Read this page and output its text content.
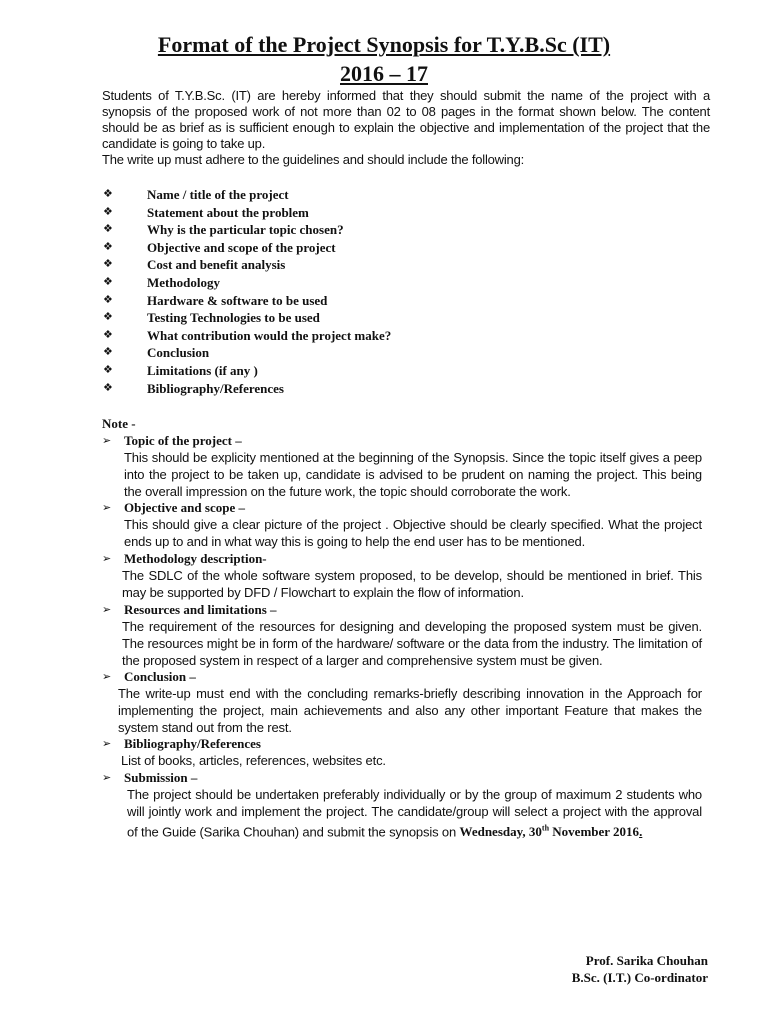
Format of the Project Synopsis for T.Y.B.Sc (IT)
2016 – 17

Students of T.Y.B.Sc. (IT) are hereby informed that they should submit the name of the project with a synopsis of the proposed work of not more than 02 to 08 pages in the format shown below. The content should be as brief as is sufficient enough to explain the objective and implementation of the project that the candidate is going to take up.

The write up must adhere to the guidelines and should include the following:

❖	Name / title of the project
❖	Statement about the problem
❖	Why is the particular topic chosen?
❖	Objective and scope of the project
❖	Cost and benefit analysis
❖	Methodology
❖	Hardware & software to be used
❖	Testing Technologies to be used
❖	What contribution would the project make?
❖	Conclusion
❖	Limitations (if any )
❖	Bibliography/References
Note -
➢ Topic of the project –
This should be explicity mentioned at the beginning of the Synopsis. Since the topic itself gives a peep into the project to be taken up, candidate is advised to be prudent on naming the project. This being the overall impression on the future work, the topic should corroborate the work.
➢ Objective and scope –
This should give a clear picture of the project . Objective should be clearly specified. What the project ends up to and in what way this is going to help the end user has to be mentioned.
➢ Methodology description-
The SDLC of the whole software system proposed, to be develop, should be mentioned in brief. This may be supported by DFD / Flowchart to explain the flow of information.
➢ Resources and limitations –
The requirement of the resources for designing and developing the proposed system must be given. The resources might be in form of the hardware/ software or the data from the industry. The limitation of the proposed system in respect of a larger and comprehensive system must be given.
➢ Conclusion –
The write-up must end with the concluding remarks-briefly describing innovation in the Approach for implementing the project, main achievements and also any other important Feature that makes the system stand out from the rest.
➢ Bibliography/References
List of books, articles, references, websites etc.
➢ Submission –
The project should be undertaken preferably individually or by the group of maximum 2 students who will jointly work and implement the project. The candidate/group will select a project with the approval of the Guide (Sarika Chouhan) and submit the synopsis on Wednesday, 30th November 2016.
Prof. Sarika Chouhan
B.Sc. (I.T.) Co-ordinator
